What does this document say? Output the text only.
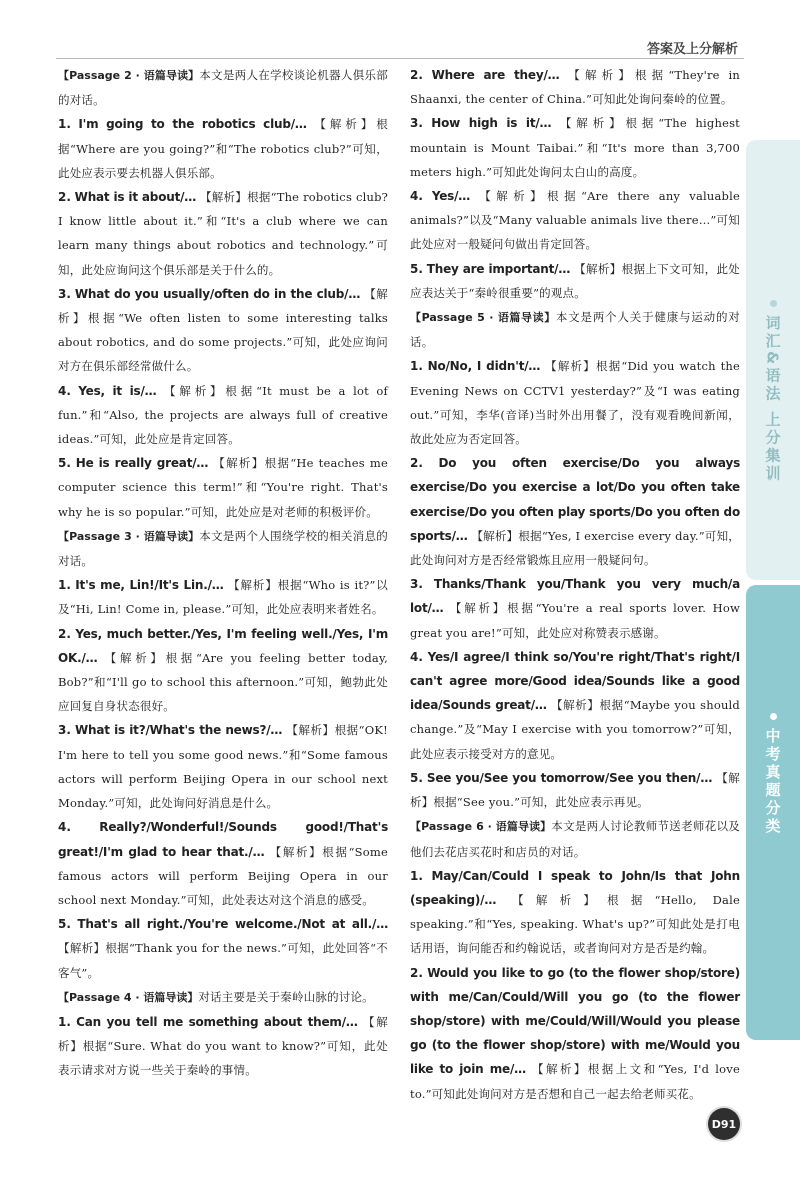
答案及上分解析

【Passage 2 · 语篇导读】本文是两人在学校谈论机器人俱乐部的对话。

1. I'm going to the robotics club/… 【解析】根据“Where are you going?”和“The robotics club?”可知，此处应表示要去机器人俱乐部。

2. What is it about/… 【解析】根据“The robotics club? I know little about it.”和“It's a club where we can learn many things about robotics and technology.”可知，此处应询问这个俱乐部是关于什么的。

3. What do you usually/often do in the club/… 【解析】根据“We often listen to some interesting talks about robotics, and do some projects.”可知，此处应询问对方在俱乐部经常做什么。

4. Yes, it is/… 【解析】根据“It must be a lot of fun.”和“Also, the projects are always full of creative ideas.”可知，此处应是肯定回答。

5. He is really great/… 【解析】根据“He teaches me computer science this term!”和“You're right. That's why he is so popular.”可知，此处应是对老师的积极评价。

【Passage 3 · 语篇导读】本文是两个人围绕学校的相关消息的对话。

1. It's me, Lin!/It's Lin./… 【解析】根据“Who is it?”以及“Hi, Lin! Come in, please.”可知，此处应表明来者姓名。

2. Yes, much better./Yes, I'm feeling well./Yes, I'm OK./… 【解析】根据“Are you feeling better today, Bob?”和“I'll go to school this afternoon.”可知，鲍勃此处应回复自身状态很好。

3. What is it?/What's the news?/… 【解析】根据“OK! I'm here to tell you some good news.”和“Some famous actors will perform Beijing Opera in our school next Monday.”可知，此处询问好消息是什么。

4. Really?/Wonderful!/Sounds good!/That's great!/I'm glad to hear that./… 【解析】根据“Some famous actors will perform Beijing Opera in our school next Monday.”可知，此处表达对这个消息的感受。

5. That's all right./You're welcome./Not at all./… 【解析】根据“Thank you for the news.”可知，此处回答“不客气”。

【Passage 4 · 语篇导读】对话主要是关于秦岭山脉的讨论。

1. Can you tell me something about them/… 【解析】根据“Sure. What do you want to know?”可知，此处表示请求对方说一些关于秦岭的事情。

2. Where are they/… 【解析】根据“They're in Shaanxi, the center of China.”可知此处询问秦岭的位置。

3. How high is it/… 【解析】根据“The highest mountain is Mount Taibai.”和“It's more than 3,700 meters high.”可知此处询问太白山的高度。

4. Yes/… 【解析】根据“Are there any valuable animals?”以及“Many valuable animals live there…”可知此处应对一般疑问句做出肯定回答。

5. They are important/… 【解析】根据上下文可知，此处应表达关于“秦岭很重要”的观点。

【Passage 5 · 语篇导读】本文是两个人关于健康与运动的对话。

1. No/No, I didn't/… 【解析】根据“Did you watch the Evening News on CCTV1 yesterday?”及“I was eating out.”可知，李华(音译)当时外出用餐了，没有观看晚间新闻，故此处应为否定回答。

2. Do you often exercise/Do you always exercise/Do you exercise a lot/Do you often take exercise/Do you often play sports/Do you often do sports/… 【解析】根据“Yes, I exercise every day.”可知，此处询问对方是否经常锻炼且应用一般疑问句。

3. Thanks/Thank you/Thank you very much/a lot/… 【解析】根据“You're a real sports lover. How great you are!”可知，此处应对称赞表示感谢。

4. Yes/I agree/I think so/You're right/That's right/I can't agree more/Good idea/Sounds like a good idea/Sounds great/… 【解析】根据“Maybe you should change.”及“May I exercise with you tomorrow?”可知，此处应表示接受对方的意见。

5. See you/See you tomorrow/See you then/… 【解析】根据“See you.”可知，此处应表示再见。

【Passage 6 · 语篇导读】本文是两人讨论教师节送老师花以及他们去花店买花时和店员的对话。

1. May/Can/Could I speak to John/Is that John (speaking)/… 【解析】根据“Hello, Dale speaking.”和“Yes, speaking. What's up?”可知此处是打电话用语，询问能否和约翰说话，或者询问对方是否是约翰。

2. Would you like to go (to the flower shop/store) with me/Can/Could/Will you go (to the flower shop/store) with me/Could/Will/Would you please go (to the flower shop/store) with me/Would you like to join me/… 【解析】根据上文和“Yes, I'd love to.”可知此处询问对方是否想和自己一起去给老师买花。

词汇&语法 上分集训
中考真题分类
D91
